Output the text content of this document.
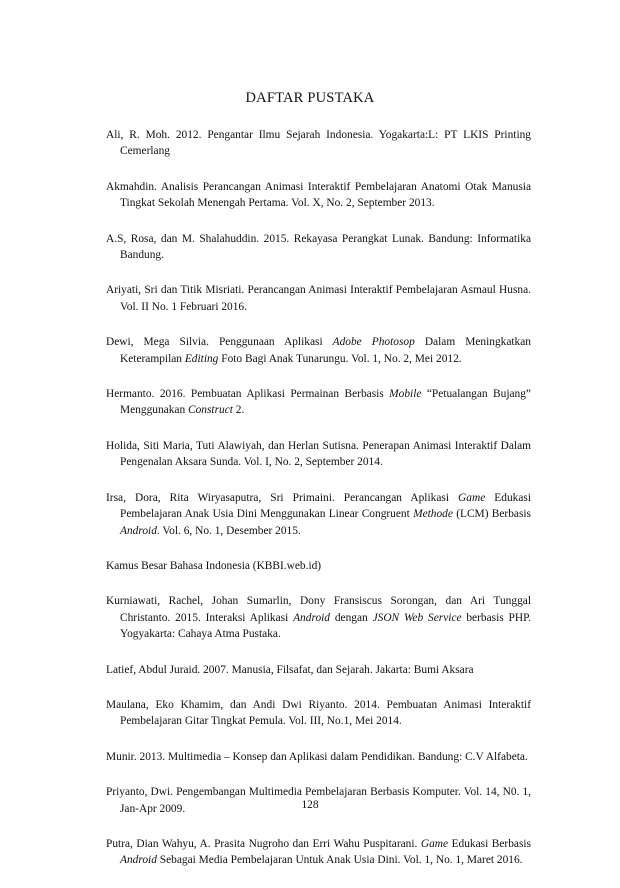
DAFTAR PUSTAKA

Ali, R. Moh. 2012. Pengantar Ilmu Sejarah Indonesia. Yogakarta:L: PT LKIS Printing Cemerlang

Akmahdin. Analisis Perancangan Animasi Interaktif Pembelajaran Anatomi Otak Manusia Tingkat Sekolah Menengah Pertama. Vol. X, No. 2, September 2013.

A.S, Rosa, dan M. Shalahuddin. 2015. Rekayasa Perangkat Lunak. Bandung: Informatika Bandung.

Ariyati, Sri dan Titik Misriati. Perancangan Animasi Interaktif Pembelajaran Asmaul Husna. Vol. II No. 1 Februari 2016.

Dewi, Mega Silvia. Penggunaan Aplikasi Adobe Photosop Dalam Meningkatkan Keterampilan Editing Foto Bagi Anak Tunarungu. Vol. 1, No. 2, Mei 2012.

Hermanto. 2016. Pembuatan Aplikasi Permainan Berbasis Mobile “Petualangan Bujang” Menggunakan Construct 2.

Holida, Siti Maria, Tuti Alawiyah, dan Herlan Sutisna. Penerapan Animasi Interaktif Dalam Pengenalan Aksara Sunda. Vol. I, No. 2, September 2014.

Irsa, Dora, Rita Wiryasaputra, Sri Primaini. Perancangan Aplikasi Game Edukasi Pembelajaran Anak Usia Dini Menggunakan Linear Congruent Methode (LCM) Berbasis Android. Vol. 6, No. 1, Desember 2015.

Kamus Besar Bahasa Indonesia (KBBI.web.id)

Kurniawati, Rachel, Johan Sumarlin, Dony Fransiscus Sorongan, dan Ari Tunggal Christanto. 2015. Interaksi Aplikasi Android dengan JSON Web Service berbasis PHP. Yogyakarta: Cahaya Atma Pustaka.

Latief, Abdul Juraid. 2007. Manusia, Filsafat, dan Sejarah. Jakarta: Bumi Aksara

Maulana, Eko Khamim, dan Andi Dwi Riyanto. 2014. Pembuatan Animasi Interaktif Pembelajaran Gitar Tingkat Pemula. Vol. III, No.1, Mei 2014.

Munir. 2013. Multimedia – Konsep dan Aplikasi dalam Pendidikan. Bandung: C.V Alfabeta.

Priyanto, Dwi. Pengembangan Multimedia Pembelajaran Berbasis Komputer. Vol. 14, N0. 1, Jan-Apr 2009.

Putra, Dian Wahyu, A. Prasita Nugroho dan Erri Wahu Puspitarani. Game Edukasi Berbasis Android Sebagai Media Pembelajaran Untuk Anak Usia Dini. Vol. 1, No. 1, Maret 2016.

128
